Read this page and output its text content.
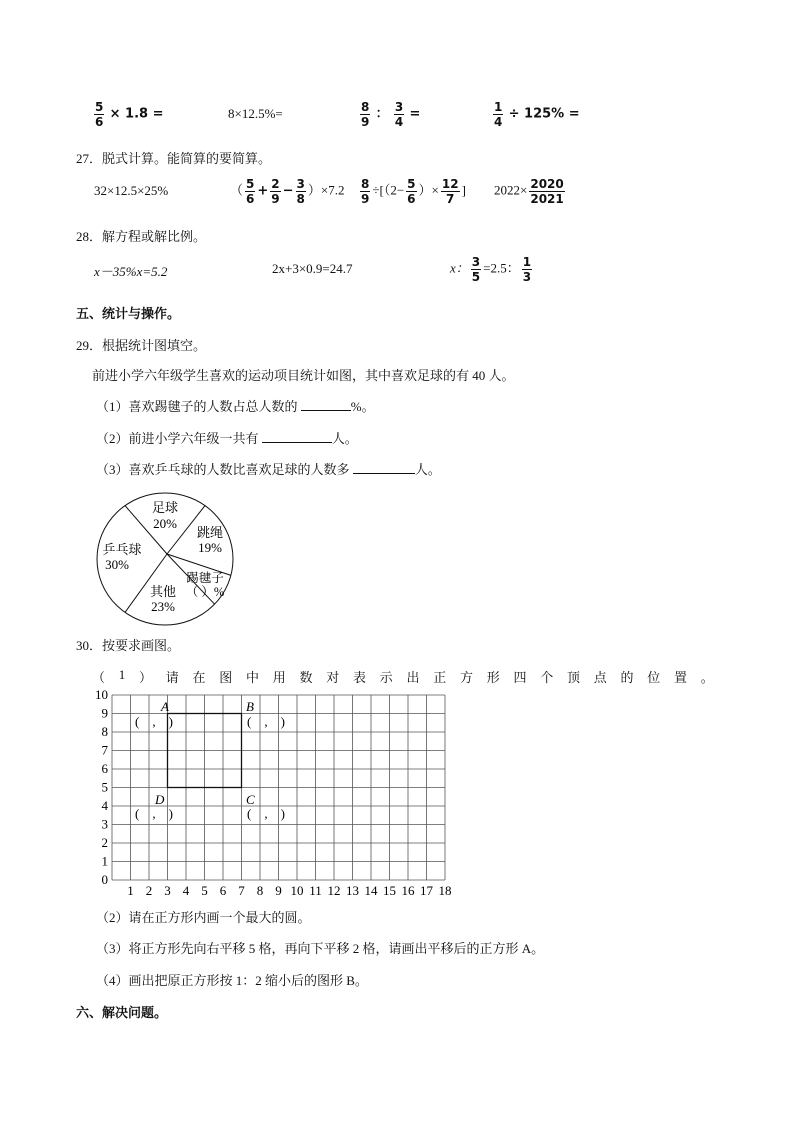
$\frac{5}{6} \times 1.8$ =	8×12.5%=	$\frac{8}{9}$ ： $\frac{3}{4}$ =	$\frac{1}{4} \div 125\%$ =
27．脱式计算。能简算的要简算。
32×12.5×25%	（ $\frac{5}{6} + \frac{2}{9} - \frac{3}{8} )\times 7.2 \frac{8}{9} \div[(2- \frac{5}{6}$ ）× $\frac{12}{7}$ ] $2022\times \frac{2020}{2021}$
28．解方程或解比例。
x－35%x=5.2	2x+3×0.9=24.7	x： $\frac{3}{5} =2.5$： $\frac{1}{3}$
五、统计与操作。
29．根据统计图填空。
前进小学六年级学生喜欢的运动项目统计如图，其中喜欢足球的有 40 人。
（1）喜欢踢毽子的人数占总人数的	%。
（2）前进小学六年级一共有	人。
（3）喜欢乒乓球的人数比喜欢足球的人数多	人。
足球
20%
跳绳
19%
乒乓球
30%
踢毽子
（ ）%
其他
23%
30．按要求画图。
（ 1 ） 请 在 图 中 用 数 对 表 示 出 正 方 形 四 个 顶 点 的 位 置 。
0
1
2
3
4
5
6
7
8
9
10
1 2 3 4 5 6 7 8 9 10 11 12 13 14 15 16 17 18
A	B
C
D
(　,　)	(　,　)
(　,　)	(　,　)
（2）请在正方形内画一个最大的圆。
（3）将正方形先向右平移 5 格，再向下平移 2 格，请画出平移后的正方形 A。
（4）画出把原正方形按 1：2 缩小后的图形 B。
六、解决问题。
